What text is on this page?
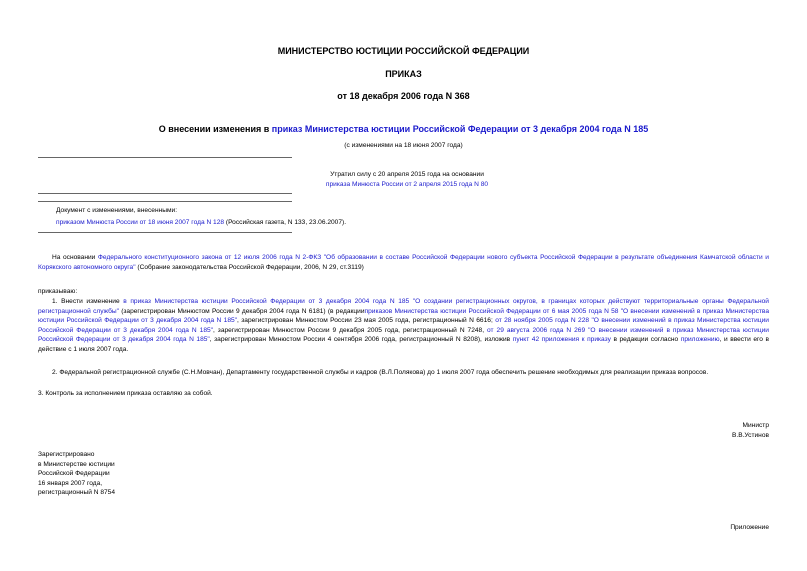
МИНИСТЕРСТВО ЮСТИЦИИ РОССИЙСКОЙ ФЕДЕРАЦИИ
ПРИКАЗ
от 18 декабря 2006 года N 368
О внесении изменения в приказ Министерства юстиции Российской Федерации от 3 декабря 2004 года N 185
(с изменениями на 18 июня 2007 года)
Утратил силу с 20 апреля 2015 года на основании
приказа Минюста России от 2 апреля 2015 года N 80
Документ с изменениями, внесенными:
приказом Минюста России от 18 июня 2007 года N 128 (Российская газета, N 133, 23.06.2007).
На основании Федерального конституционного закона от 12 июля 2006 года N 2-ФКЗ "Об образовании в составе Российской Федерации нового субъекта Российской Федерации в результате объединения Камчатской области и Корякского автономного округа" (Собрание законодательства Российской Федерации, 2006, N 29, ст.3119)
приказываю:
1. Внести изменение в приказ Министерства юстиции Российской Федерации от 3 декабря 2004 года N 185 "О создании регистрационных округов, в границах которых действуют территориальные органы Федеральной регистрационной службы" (зарегистрирован Минюстом России 9 декабря 2004 года N 6181) (в редакцииприказов Министерства юстиции Российской Федерации от 6 мая 2005 года N 58 "О внесении изменений в приказ Министерства юстиции Российской Федерации от 3 декабря 2004 года N 185", зарегистрирован Минюстом России 23 мая 2005 года, регистрационный N 6616; от 28 ноября 2005 года N 228 "О внесении изменений в приказ Министерства юстиции Российской Федерации от 3 декабря 2004 года N 185", зарегистрирован Минюстом России 9 декабря 2005 года, регистрационный N 7248, от 29 августа 2006 года N 269 "О внесении изменений в приказ Министерства юстиции Российской Федерации от 3 декабря 2004 года N 185", зарегистрирован Минюстом России 4 сентября 2006 года, регистрационный N 8208), изложив пункт 42 приложения к приказу в редакции согласно приложению, и ввести его в действие с 1 июля 2007 года.
2. Федеральной регистрационной службе (С.Н.Мовчан), Департаменту государственной службы и кадров (В.Л.Полякова) до 1 июля 2007 года обеспечить решение необходимых для реализации приказа вопросов.
3. Контроль за исполнением приказа оставляю за собой.
Министр
В.В.Устинов
Зарегистрировано
в Министерстве юстиции
Российской Федерации
16 января 2007 года,
регистрационный N 8754
Приложение
